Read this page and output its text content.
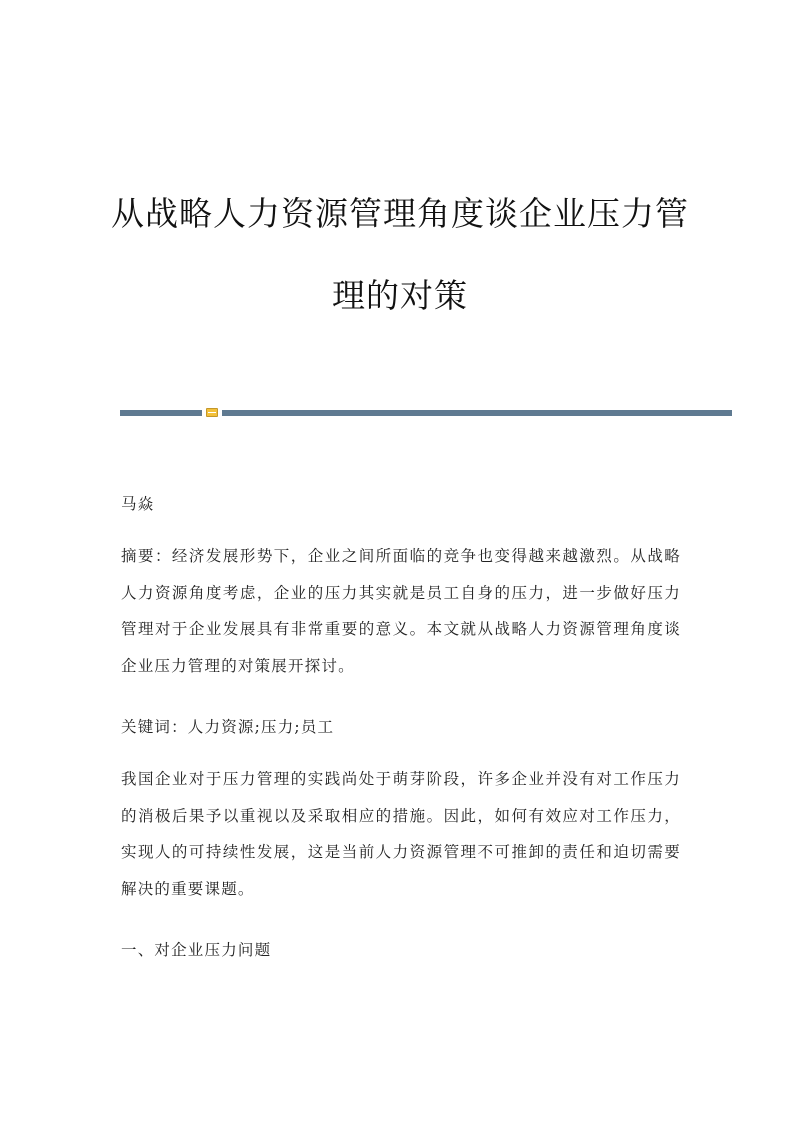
从战略人力资源管理角度谈企业压力管
理的对策
马焱
摘要：经济发展形势下，企业之间所面临的竞争也变得越来越激烈。从战略人力资源角度考虑，企业的压力其实就是员工自身的压力，进一步做好压力管理对于企业发展具有非常重要的意义。本文就从战略人力资源管理角度谈企业压力管理的对策展开探讨。
关键词：人力资源;压力;员工
我国企业对于压力管理的实践尚处于萌芽阶段，许多企业并没有对工作压力的消极后果予以重视以及采取相应的措施。因此，如何有效应对工作压力，实现人的可持续性发展，这是当前人力资源管理不可推卸的责任和迫切需要解决的重要课题。
一、对企业压力问题
